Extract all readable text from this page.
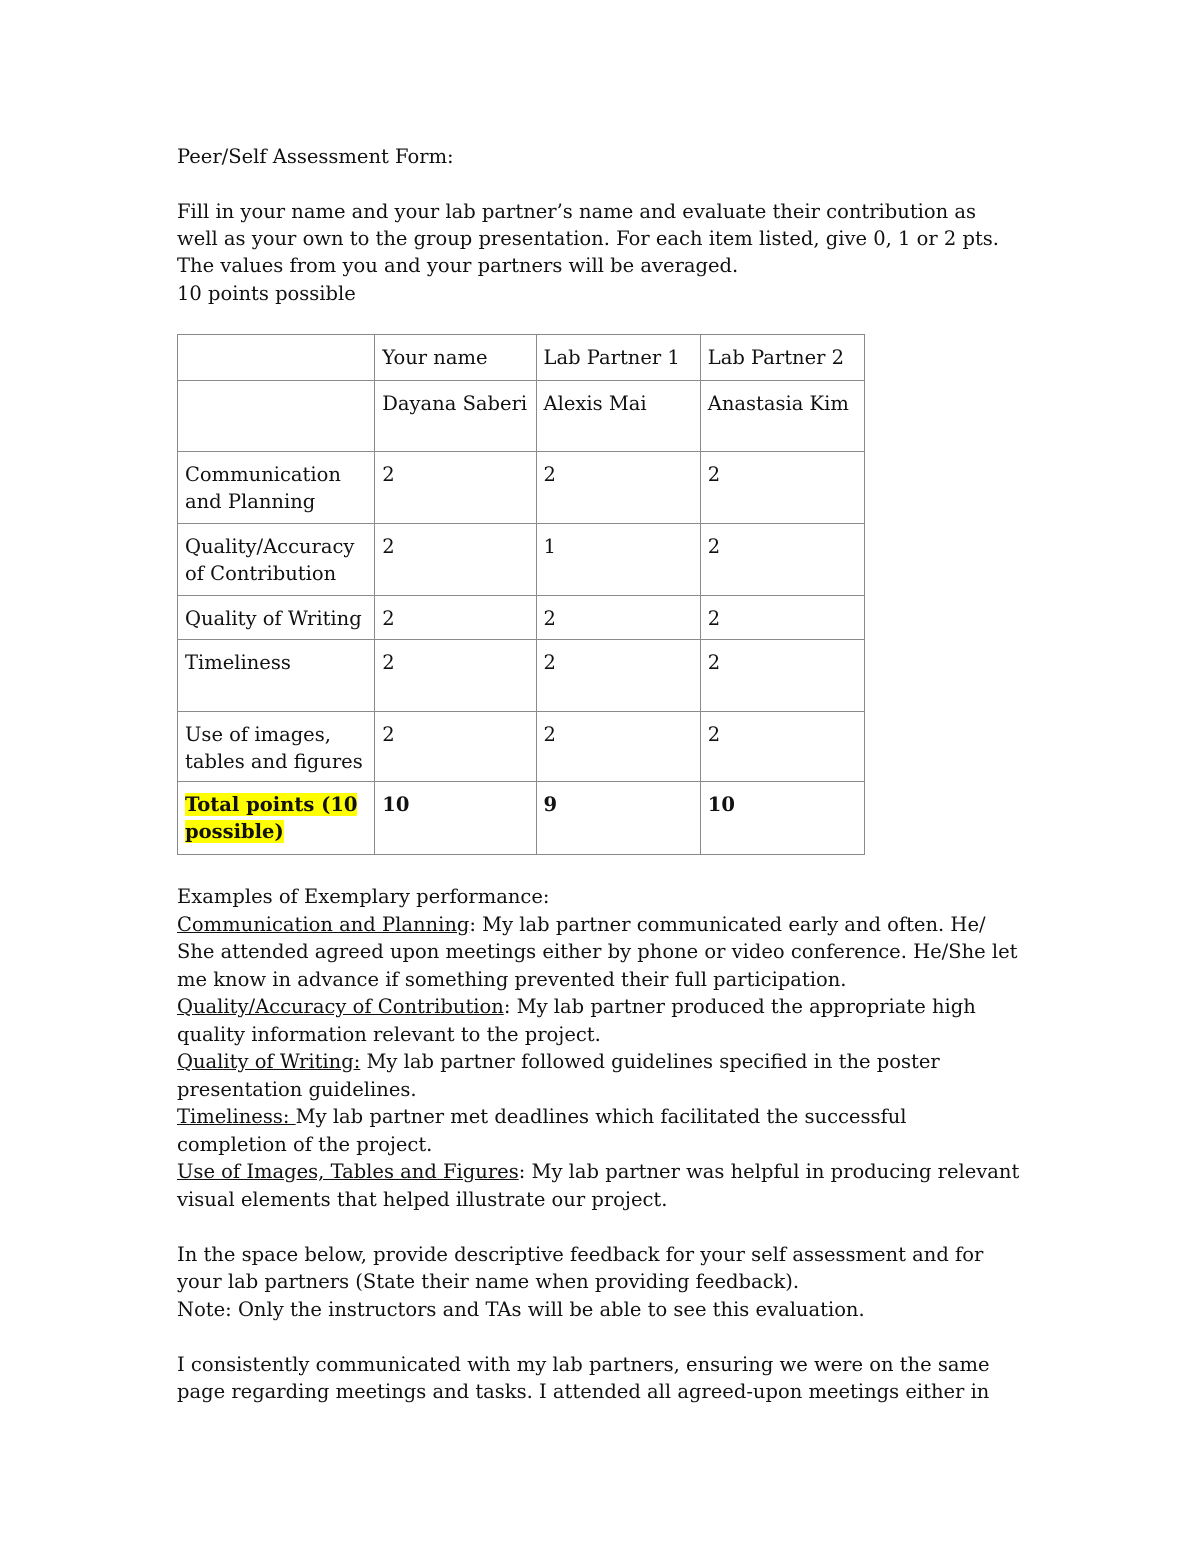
Peer/Self Assessment Form:
Fill in your name and your lab partner’s name and evaluate their contribution as
well as your own to the group presentation. For each item listed, give 0, 1 or 2 pts.
The values from you and your partners will be averaged.
10 points possible
	Your name	Lab Partner 1	Lab Partner 2
	Dayana Saberi	Alexis Mai	Anastasia Kim
Communication
and Planning	2	2	2
Quality/Accuracy
of Contribution	2	1	2
Quality of Writing	2	2	2
Timeliness	2	2	2
Use of images,
tables and figures	2	2	2
Total points (10
possible)	10	9	10
Examples of Exemplary performance:
Communication and Planning: My lab partner communicated early and often. He/
She attended agreed upon meetings either by phone or video conference. He/She let
me know in advance if something prevented their full participation.
Quality/Accuracy of Contribution: My lab partner produced the appropriate high
quality information relevant to the project.
Quality of Writing: My lab partner followed guidelines specified in the poster
presentation guidelines.
Timeliness: My lab partner met deadlines which facilitated the successful
completion of the project.
Use of Images, Tables and Figures: My lab partner was helpful in producing relevant
visual elements that helped illustrate our project.
In the space below, provide descriptive feedback for your self assessment and for
your lab partners (State their name when providing feedback).
Note: Only the instructors and TAs will be able to see this evaluation.
I consistently communicated with my lab partners, ensuring we were on the same
page regarding meetings and tasks. I attended all agreed-upon meetings either in
